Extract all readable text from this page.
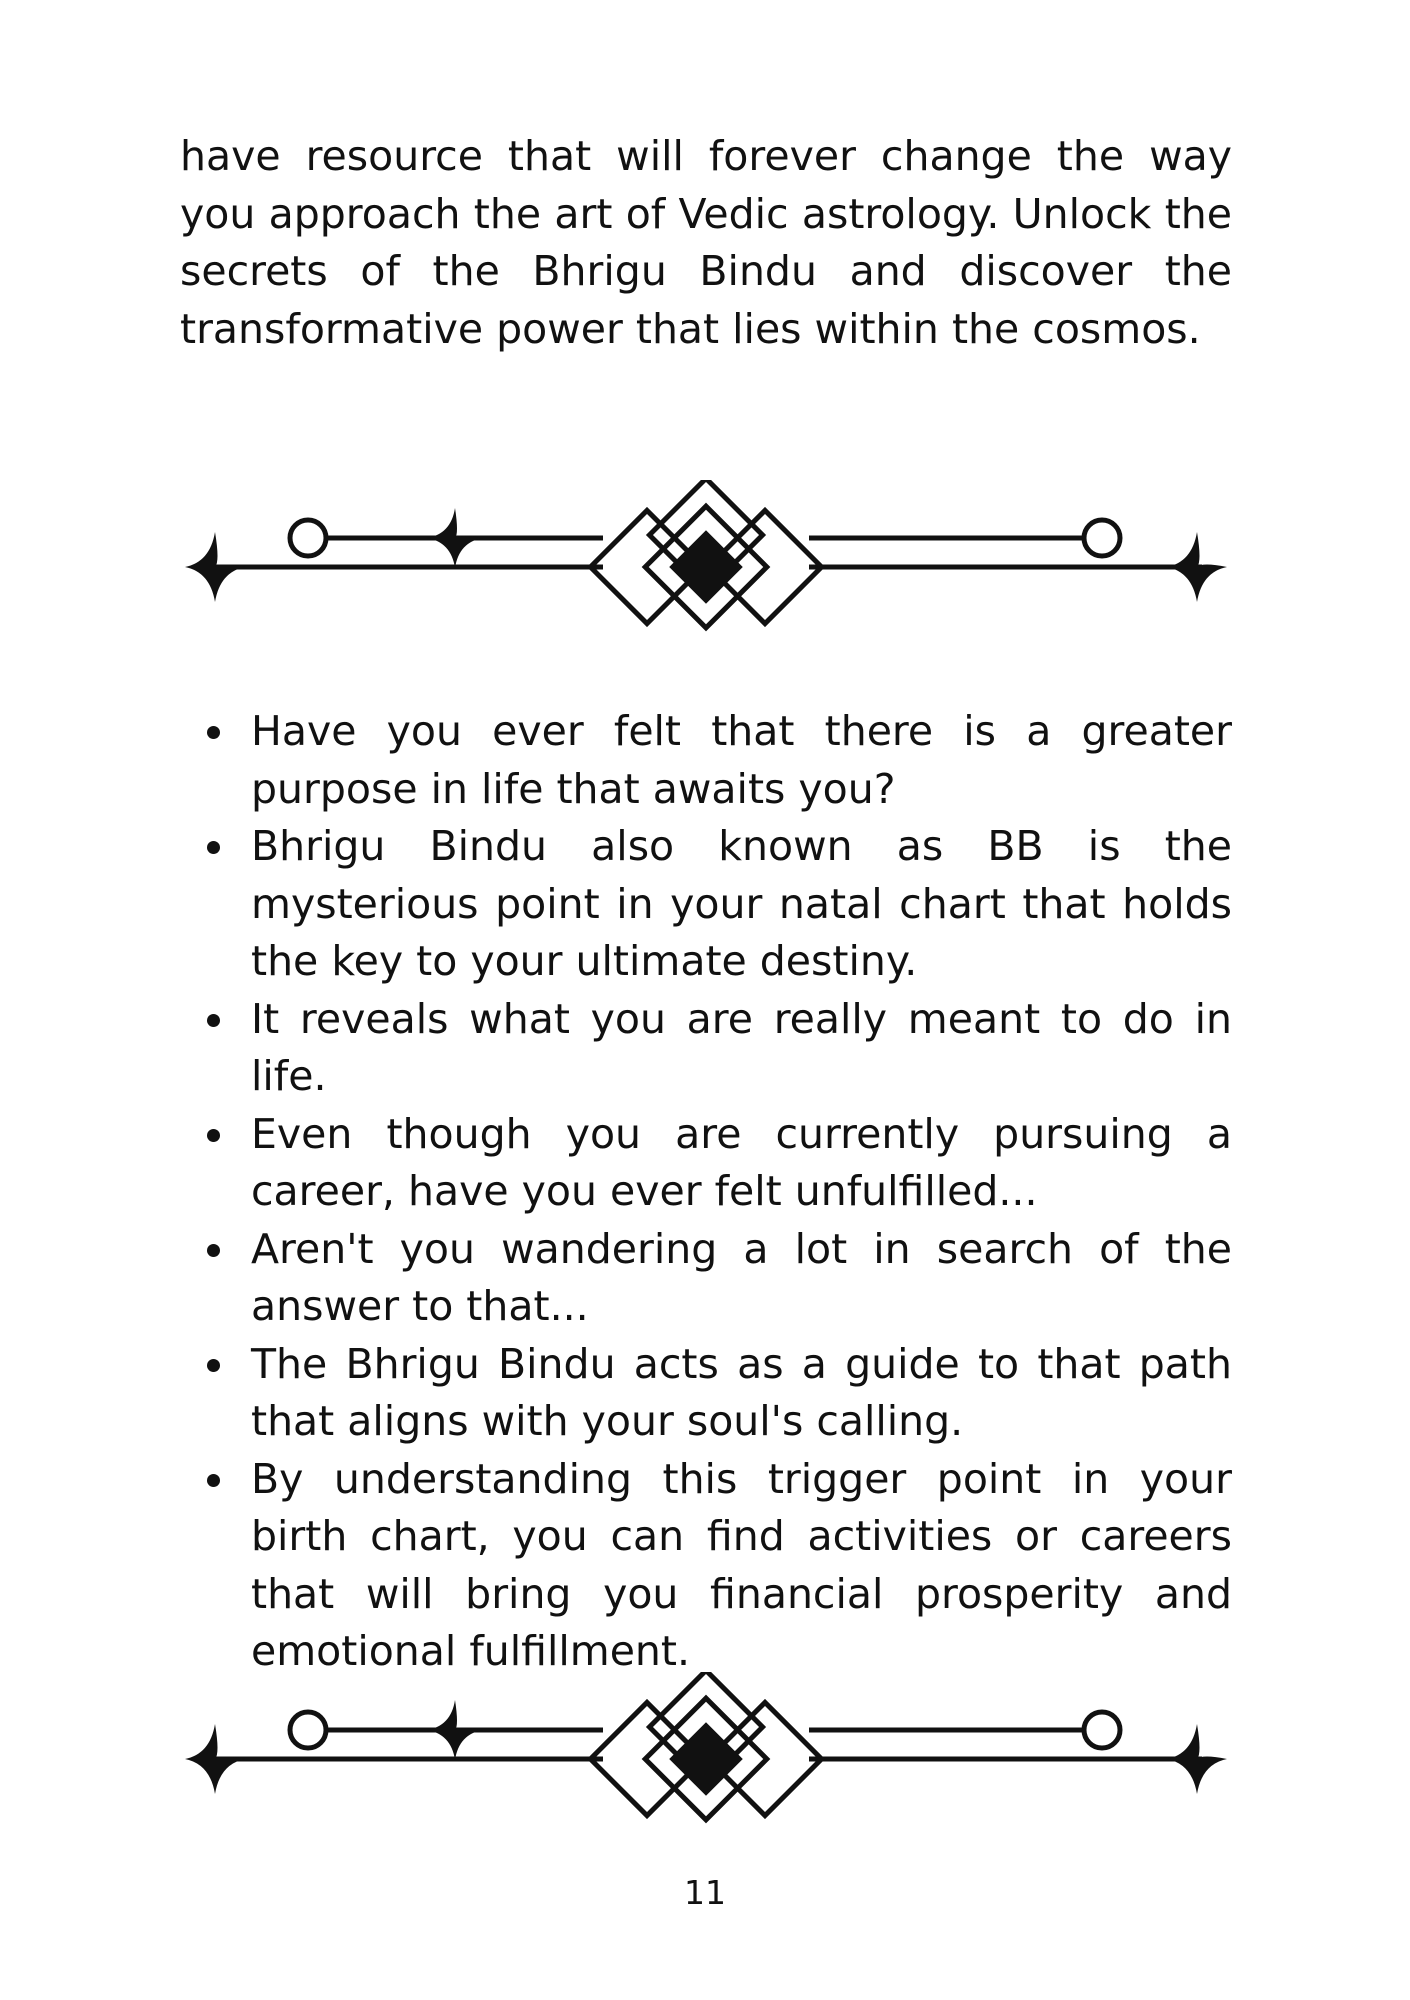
have resource that will forever change the way you approach the art of Vedic astrology. Unlock the secrets of the Bhrigu Bindu and discover the transformative power that lies within the cosmos.

Have you ever felt that there is a greater purpose in life that awaits you?
Bhrigu Bindu also known as BB is the mysterious point in your natal chart that holds the key to your ultimate destiny.
It reveals what you are really meant to do in life.
Even though you are currently pursuing a career, have you ever felt unfulfilled...
Aren't you wandering a lot in search of the answer to that...
The Bhrigu Bindu acts as a guide to that path that aligns with your soul's calling.
By understanding this trigger point in your birth chart, you can find activities or careers that will bring you financial prosperity and emotional fulfillment.
11
